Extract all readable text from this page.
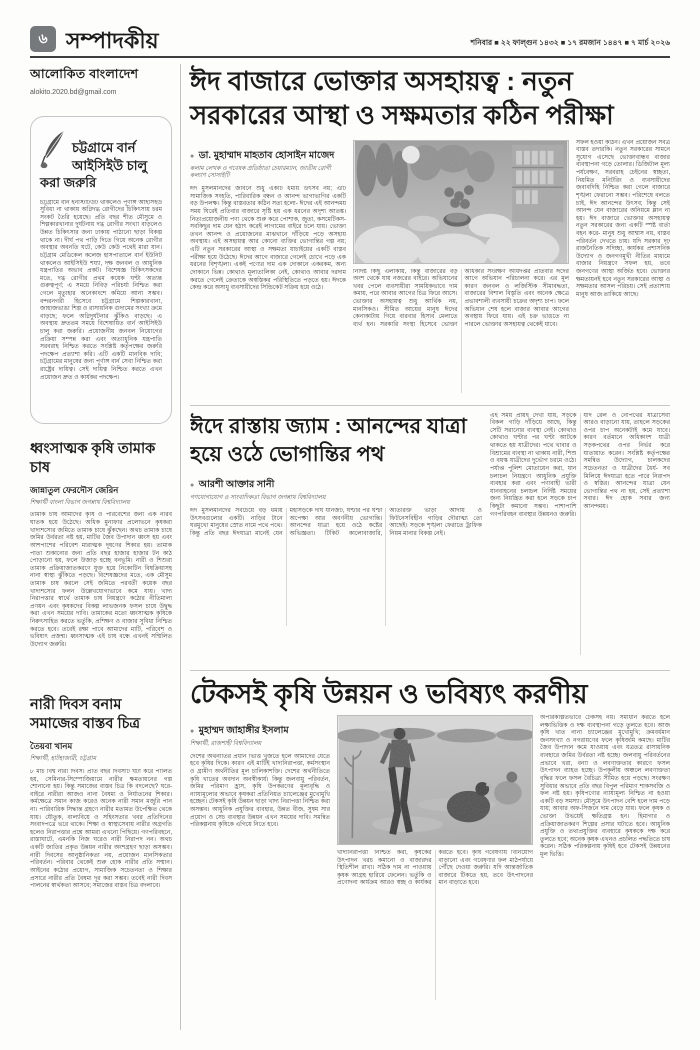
৬ সম্পাদকীয়	শনিবার ■ ২২ ফাল্গুন ১৪৩২ ■ ১৭ রমজান ১৪৪৭ ■ ৭ মার্চ ২০২৬
আলোকিত বাংলাদেশ
alokito.2020.bd@gmail.com
চট্টগ্রামে বার্ন আইসিইউ চালু করা জরুরি
চট্টগ্রামে বার্ন ইনস্টিটিউট থাকলেও পূর্ণাঙ্গ আইসিইউ সুবিধা না থাকায় অগ্নিদগ্ধ রোগীদের চিকিৎসায় চরম সংকট তৈরি হয়েছে। প্রতি বছর শীত মৌসুমে ও শিল্পকারখানার দুর্ঘটনায় দগ্ধ রোগীর সংখ্যা বাড়লেও উন্নত চিকিৎসার জন্য ঢাকায় পাঠানো ছাড়া বিকল্প থাকে না। দীর্ঘ পথ পাড়ি দিতে গিয়ে অনেক রোগীর অবস্থার অবনতি ঘটে, কেউ কেউ পথেই মারা যান। চট্টগ্রাম মেডিকেল কলেজ হাসপাতালে বার্ন ইউনিট থাকলেও আইসিইউ শয্যা, দক্ষ জনবল ও আধুনিক যন্ত্রপাতির অভাব প্রকট। বিশেষজ্ঞ চিকিৎসকদের মতে, দগ্ধ রোগীর প্রথম কয়েক ঘণ্টা অত্যন্ত গুরুত্বপূর্ণ; এ সময়ে নিবিড় পরিচর্যা নিশ্চিত করা গেলে মৃত্যুহার অনেকাংশে কমিয়ে আনা সম্ভব। বন্দরনগরী হিসেবে চট্টগ্রামে শিল্পকারখানা, জাহাজভাঙা শিল্প ও রাসায়নিক গুদামের সংখ্যা ক্রমে বাড়ছে; ফলে অগ্নিদুর্ঘটনার ঝুঁকিও বাড়ছে। এ অবস্থায় দ্রুততম সময়ে বিশেষায়িত বার্ন আইসিইউ চালু করা জরুরি। প্রয়োজনীয় জনবল নিয়োগের প্রক্রিয়া সম্পন্ন করা এবং অত্যাধুনিক যন্ত্রপাতি সরবরাহ নিশ্চিত করতে সংশ্লিষ্ট কর্তৃপক্ষের জরুরি পদক্ষেপ প্রত্যাশা করি। এটি একটি মানবিক দাবি; চট্টগ্রামের মানুষের জন্য পূর্ণাঙ্গ বার্ন সেবা নিশ্চিত করা রাষ্ট্রের দায়িত্ব। সেই দায়িত্ব নিশ্চিত করতে এখন প্রয়োজন দ্রুত ও কার্যকর পদক্ষেপ।
ধ্বংসাত্মক কৃষি তামাক চাষ
জান্নাতুল ফেরদৌস জেরিন
শিক্ষার্থী বাংলা বিভাগ জগন্নাথ বিশ্ববিদ্যালয়
তামাক চাষ আমাদের কৃষি ও পরিবেশের জন্য এক নীরব ঘাতক হয়ে উঠেছে। অধিক মুনাফার প্রলোভনে কৃষকরা খাদ্যশস্যের জমিতে তামাক চাষে ঝুঁকছেন। অথচ তামাক চাষে জমির উর্বরতা নষ্ট হয়, মাটির জৈব উপাদান ধ্বংস হয় এবং আশপাশের পরিবেশ মারাত্মক দূষণের শিকার হয়। তামাক পাতা শুকানোর জন্য প্রতি বছর হাজার হাজার টন কাঠ পোড়ানো হয়, ফলে উজাড় হচ্ছে বনভূমি। নারী ও শিশুরা তামাক প্রক্রিয়াজাতকরণে যুক্ত হয়ে নিকোটিন বিষক্রিয়াসহ নানা স্বাস্থ্য ঝুঁকিতে পড়ছে। বিশেষজ্ঞদের মতে, এক মৌসুম তামাক চাষ করলে সেই জমিতে পরবর্তী কয়েক বছর খাদ্যশস্যের ফলন উল্লেখযোগ্যভাবে কমে যায়। খাদ্য নিরাপত্তার স্বার্থে তামাক চাষ নিয়ন্ত্রণে কঠোর নীতিমালা প্রণয়ন এবং কৃষকদের বিকল্প লাভজনক ফসল চাষে উদ্বুদ্ধ করা এখন সময়ের দাবি। তামাকের মতো ধ্বংসাত্মক কৃষিকে নিরুৎসাহিত করতে ভর্তুকি, প্রশিক্ষণ ও বাজার সুবিধা নিশ্চিত করতে হবে। তবেই রক্ষা পাবে আমাদের মাটি, পরিবেশ ও ভবিষ্যৎ প্রজন্ম। ধ্বংসাত্মক এই চাষ বন্ধে এখনই সম্মিলিত উদ্যোগ জরুরি।
নারী দিবস বনাম সমাজের বাস্তব চিত্র
তৈয়বা খানম
শিক্ষার্থী, হাটহাজারী, চট্টগ্রাম
৮ মার্চ বিশ্ব নারী দিবস। প্রতি বছর দিবসটি ঘটা করে পালিত হয়, সেমিনার-সিম্পোজিয়ামে নারীর ক্ষমতায়নের গল্প শোনানো হয়। কিন্তু সমাজের বাস্তব চিত্র কি বদলেছে? ঘরে-বাইরে নারীরা আজও নানা বৈষম্য ও নির্যাতনের শিকার। কর্মক্ষেত্রে সমান কাজ করেও অনেক নারী সমান মজুরি পান না। পারিবারিক সিদ্ধান্ত গ্রহণে নারীর মতামত উপেক্ষিত থেকে যায়। যৌতুক, বাল্যবিয়ে ও সহিংসতার খবর প্রতিদিনের সংবাদপত্রে ভরে থাকে। শিক্ষা ও স্বাস্থ্যসেবায় নারীর অগ্রগতি হলেও নিরাপত্তার প্রশ্নে আমরা এখনো পিছিয়ে। গণপরিবহনে, রাস্তাঘাটে, এমনকি নিজ ঘরেও নারী নিরাপদ নন। অথচ একটি জাতির প্রকৃত উন্নয়ন নারীর অংশগ্রহণ ছাড়া অসম্ভব। নারী দিবসের আনুষ্ঠানিকতা নয়, প্রয়োজন মানসিকতার পরিবর্তন। পরিবার থেকেই শুরু হোক নারীর প্রতি সম্মান। আইনের কঠোর প্রয়োগ, সামাজিক সচেতনতা ও শিক্ষার প্রসারে নারীর প্রতি বৈষম্য দূর করা সম্ভব। তবেই নারী দিবস পালনের স্বার্থকতা আসবে; সমাজের বাস্তব চিত্র বদলাবে।
ঈদ বাজারে ভোক্তার অসহায়ত্ব : নতুন সরকারের আস্থা ও সক্ষমতার কঠিন পরীক্ষা
● ডা. মুহাম্মাদ মাহতাব হোসাইন মাজেদ
কলাম লেখক ও গবেষক প্রতিষ্ঠাতা চেয়ারম্যান, জাতীয় রোগী কল্যাণ সোসাইটি
ঈদ মুসলমানদের জীবনে শুধু একটি ধর্মীয় উৎসব নয়; এটি সামাজিক সংহতি, পারিবারিক বন্ধন ও আনন্দ ভাগাভাগির একটি বড় উপলক্ষ। কিন্তু বাস্তবতার কঠিন সত্য হলো- ঈদের এই আনন্দময় সময় ঘিরেই প্রতিবার বাজারে সৃষ্টি হয় এক ধরনের অদৃশ্য আতঙ্ক। নিত্যপ্রয়োজনীয় পণ্য থেকে শুরু করে পোশাক, জুতা, কসমেটিকস- সবকিছুর দাম যেন হঠাৎ করেই লাগামের বাইরে চলে যায়। ভোক্তা তখন আনন্দ ও প্রয়োজনের মাঝখানে দাঁড়িয়ে পড়ে অসহায় অবস্থায়। এই অসহায়ত্ব আর কোনো ব্যক্তির ভোগান্তির গল্প নয়; এটি নতুন সরকারের আস্থা ও সক্ষমতা যাচাইয়ের একটি বাস্তব পরীক্ষা হয়ে উঠেছে। ঈদের আগে বাজারে গেলেই চোখে পড়ে এক ধরনের বিশৃঙ্খলা। একই পণ্যের দাম এক দোকানে একরকম, অন্য দোকানে ভিন্ন। কোথাও মূল্যতালিকা নেই, কোথাও আবার দরদাম করতে গেলেই ক্রেতাকে অস্বস্তিকর পরিস্থিতিতে পড়তে হয়। ঈদকে কেন্দ্র করে অসাধু ব্যবসায়ীদের সিন্ডিকেট সক্রিয় হয়ে ওঠে।
নির্দিষ্ট কিছু এলাকায়, কিন্তু বাজারের বড় অংশ থেকে যায় নজরের বাইরে। অভিযানের খবর পেলে ব্যবসায়ীরা সাময়িকভাবে দাম কমায়, পরে আবার আগের চিত্র ফিরে আসে। ভোক্তার অসহায়ত্ব শুধু আর্থিক নয়, মানসিকও। সীমিত আয়ের মানুষ ঈদের কেনাকাটায় গিয়ে বারবার হিসাব মেলাতে ব্যর্থ হন। সরকারি সংস্থা হিসেবে ভোক্তা অধিকার সংরক্ষণ অধিদপ্তর প্রতিবার ঈদের আগে অভিযান পরিচালনা করে। এর মূল কারণ জনবল ও লজিস্টিক সীমাবদ্ধতা, বাজারের বিশাল বিস্তৃতি এবং অনেক ক্ষেত্রে প্রভাবশালী ব্যবসায়ী চক্রের অদৃশ্য চাপ। ফলে অভিযান শেষ হলে বাজার আবার আগের অবস্থায় ফিরে যায়। এই চক্র ভাঙতে না পারলে ভোক্তার অসহায়ত্ব থেকেই যাবে।
সফল হওয়া কঠিন। এখন প্রয়োজন সর্বত্র বাস্তব তদারকি। নতুন সরকারের সামনে সুযোগ এসেছে ভোক্তাবান্ধব বাজার ব্যবস্থাপনা গড়ে তোলার। ডিজিটাল মূল্য পর্যবেক্ষণ, সরবরাহ চেইনের স্বচ্ছতা, নিয়মিত মনিটরিং ও ব্যবসায়ীদের জবাবদিহি নিশ্চিত করা গেলে বাজারে শৃঙ্খলা ফেরানো সম্ভব। পরিশেষে বলতে চাই, ঈদ আনন্দের উৎসব; কিন্তু সেই আনন্দ যেন বাজারের অনিয়মে ম্লান না হয়। ঈদ বাজারে ভোক্তার অসহায়ত্ব নতুন সরকারের জন্য একটি স্পষ্ট বার্তা বহন করে- মানুষ শুধু আশ্বাস নয়, বাস্তব পরিবর্তন দেখতে চায়। যদি সরকার দৃঢ় রাজনৈতিক সদিচ্ছা, কার্যকর প্রশাসনিক উদ্যোগ ও জনগণমুখী নীতির মাধ্যমে বাজার নিয়ন্ত্রণে সফল হয়, তবে জনগণের আস্থা অর্জিত হবে। ভোক্তার ক্ষমতায়নই হবে নতুন সরকারের আস্থা ও সক্ষমতার আসল পরিচয়। সেই প্রত্যাশায় মানুষ আজ তাকিয়ে আছে।
ঈদে রাস্তায় জ্যাম : আনন্দের যাত্রা হয়ে ওঠে ভোগান্তির পথ
● আরশী আক্তার সানী
গণযোগাযোগ ও সাংবাদিকতা বিভাগ জগন্নাথ বিশ্ববিদ্যালয়
ঈদ মুসলমানদের সবচেয়ে বড় ধর্মীয় উৎসবগুলোর একটি। নাড়ির টানে ঘরমুখো মানুষের স্রোত নামে পথে পথে। কিন্তু প্রতি বছর ঈদযাত্রা মানেই যেন মহাসড়কে দীর্ঘ যানজট, ঘণ্টার পর ঘণ্টা অপেক্ষা আর অবর্ণনীয় ভোগান্তি। আনন্দের যাত্রা হয়ে ওঠে কষ্টের অভিজ্ঞতা। টিকিট কালোবাজারি, অতিরিক্ত ভাড়া আদায় ও ফিটনেসবিহীন গাড়ির দৌরাত্ম্য তো আছেই। সড়কে শৃঙ্খলা ফেরাতে ট্রাফিক নিয়ম মানার বিকল্প নেই।
এই সময় প্রায়ই দেখা যায়, সড়কে বিকল গাড়ি দাঁড়িয়ে আছে, কিন্তু সেটি সরানোর ব্যবস্থা নেই। কোথাও কোথাও ঘণ্টার পর ঘণ্টা আটকে থাকতে হয় যাত্রীদের। পথে খাবার ও বিশ্রামের ব্যবস্থা না থাকায় নারী, শিশু ও বয়স্ক যাত্রীদের দুর্ভোগ চরমে ওঠে। পর্যাপ্ত পুলিশ মোতায়েন করা, যান চলাচল নিয়ন্ত্রণে আধুনিক প্রযুক্তি ব্যবহার করা এবং পণ্যবাহী ভারী যানবাহনের চলাচল নির্দিষ্ট সময়ের জন্য নিয়ন্ত্রিত করা হলে সড়কে চাপ কিছুটা কমানো সম্ভব। পাশাপাশি গণপরিবহন ব্যবস্থার উন্নয়নও জরুরি। যদি রেল ও নৌপথের যাত্রীসেবা আরও বাড়ানো যায়, তাহলে সড়কের ওপর চাপ অনেকটাই কমে যাবে। কারণ বর্তমানে অধিকাংশ যাত্রী সড়কপথের ওপর নির্ভর করে যাতায়াত করেন। সংশ্লিষ্ট কর্তৃপক্ষের সমন্বিত উদ্যোগ, চালকদের সচেতনতা ও যাত্রীদের ধৈর্য- সব মিলিয়ে ঈদযাত্রা হতে পারে নিরাপদ ও স্বস্তির। আনন্দের যাত্রা যেন ভোগান্তির পথ না হয়, সেই প্রত্যাশা সবার। ঈদ হোক সবার জন্য আনন্দময়।
টেকসই কৃষি উন্নয়ন ও ভবিষ্যৎ করণীয়
● মুহাম্মদ জাহাঙ্গীর ইসলাম
শিক্ষার্থী, রাজশাহী বিশ্ববিদ্যালয়
দেশের অর্থনীতির প্রধান ভিত্তি খুঁজতে হলে আমাদের যেতে হবে কৃষির দিকে। কারণ এই মাটিই খাদ্যনিরাপত্তা, কর্মসংস্থান ও গ্রামীণ অর্থনীতির মূল চালিকাশক্তি। দেশের অর্থনীতিতে কৃষি খাতের অবদান অনস্বীকার্য। কিন্তু জলবায়ু পরিবর্তন, জমির পরিমাণ হ্রাস, কৃষি উপকরণের মূল্যবৃদ্ধি ও ন্যায্যমূল্যের অভাবে কৃষকরা প্রতিনিয়ত চ্যালেঞ্জের মুখোমুখি হচ্ছেন। টেকসই কৃষি উন্নয়ন ছাড়া খাদ্য নিরাপত্তা নিশ্চিত করা অসম্ভব। আধুনিক প্রযুক্তির ব্যবহার, উন্নত বীজ, সুষম সার প্রয়োগ ও সেচ ব্যবস্থার উন্নয়ন এখন সময়ের দাবি। সমন্বিত পরিকল্পনায় কৃষিকে এগিয়ে নিতে হবে।
খাদ্যনিরাপত্তা নিশ্চিত করা, কৃষকের উৎপাদন খরচ কমানো ও বাজারদর স্থিতিশীল রাখা। সঠিক দাম না পাওয়ায় কৃষক আগ্রহ হারিয়ে ফেলেন। ভর্তুকি ও প্রণোদনা কার্যক্রম আরও স্বচ্ছ ও কার্যকর করতে হবে। কৃষি গবেষণায় বিনিয়োগ বাড়ানো এবং গবেষণার ফল মাঠপর্যায়ে পৌঁছে দেওয়া জরুরি। যদি আন্তর্জাতিক বাজারে টিকতে হয়, তবে উৎপাদনের মান বাড়াতে হবে।
অপরিকল্পিতভাবে টেকসই নয়। সমাধান করতে হলে লক্ষ্যভিত্তিক ও দক্ষ ব্যবস্থাপনা গড়ে তুলতে হবে। আজ কৃষি খাত নানা চ্যালেঞ্জের মুখোমুখি; ক্রমবর্ধমান জনসংখ্যা ও নগরায়ণের ফলে কৃষিজমি কমছে। মাটির জৈব উপাদান কমে যাওয়ায় এবং যত্রতত্র রাসায়নিক ব্যবহারে জমির উর্বরতা নষ্ট হচ্ছে। জলবায়ু পরিবর্তনের প্রভাবে খরা, বন্যা ও লবণাক্ততার কারণে ফসল উৎপাদন ব্যাহত হচ্ছে। উপকূলীয় অঞ্চলে লবণাক্ততা বৃদ্ধির ফলে ফসল বৈচিত্র্য সীমিত হয়ে পড়ছে। সংরক্ষণ সুবিধার অভাবে প্রতি বছর বিপুল পরিমাণ শাকসবজি ও ফল নষ্ট হয়। কৃষিপণ্যের ন্যায্যমূল্য নিশ্চিত না হওয়া একটি বড় সমস্যা। মৌসুমে উৎপাদন বেশি হলে দাম পড়ে যায়; আবার অফ-সিজনে দাম বেড়ে যায়। ফলে কৃষক ও ভোক্তা উভয়েই ক্ষতিগ্রস্ত হন। হিমাগার ও প্রক্রিয়াজাতকরণ শিল্পের প্রসার ঘটাতে হবে। আধুনিক প্রযুক্তি ও তথ্যপ্রযুক্তির ব্যবহারে কৃষককে দক্ষ করে তুলতে হবে; অনেক কৃষক এখনও প্রচলিত পদ্ধতিতে চাষ করেন। সঠিক পরিকল্পনায় কৃষিই হবে টেকসই উন্নয়নের মূল ভিত্তি।
